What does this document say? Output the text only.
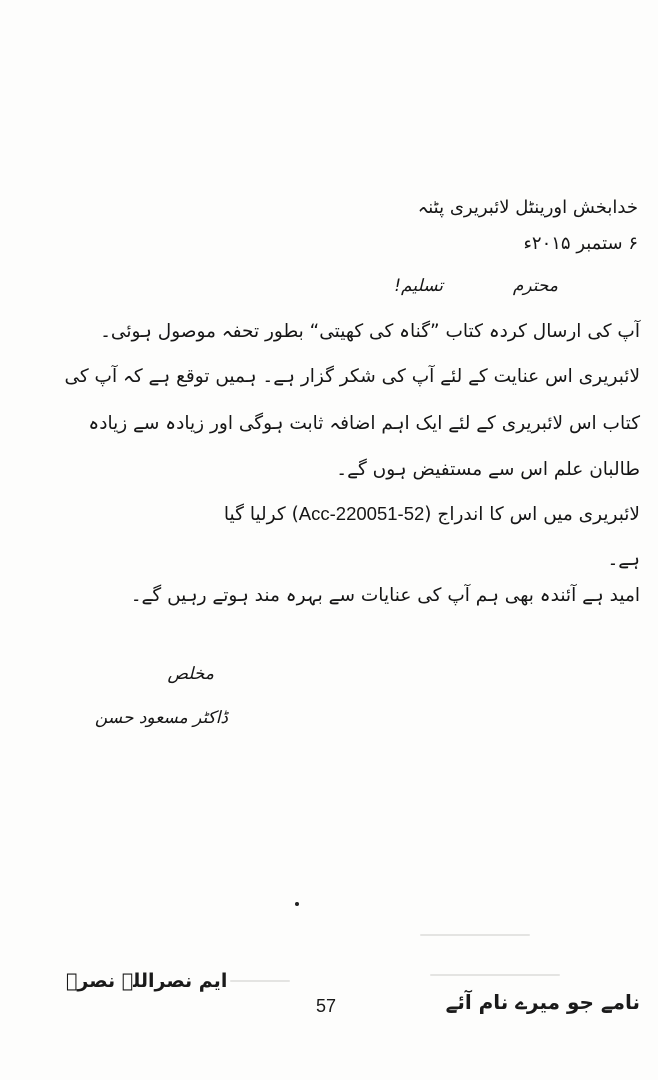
خدابخش اورینٹل لائبریری پٹنہ
۶ ستمبر ۲۰۱۵ء
محترم
تسلیم!
آپ کی ارسال کردہ کتاب ”گناہ کی کھیتی“ بطور تحفہ موصول ہوئی۔
لائبریری اس عنایت کے لئے آپ کی شکر گزار ہے۔ ہمیں توقع ہے کہ آپ کی
کتاب اس لائبریری کے لئے ایک اہم اضافہ ثابت ہوگی اور زیادہ سے زیادہ
طالبان علم اس سے مستفیض ہوں گے۔
لائبریری میں اس کا اندراج (Acc-220051-52) کرلیا گیا
ہے۔
امید ہے آئندہ بھی ہم آپ کی عنایات سے بہرہ مند ہوتے رہیں گے۔
مخلص
ڈاکٹر مسعود حسن
نامے جو میرے نام آئے
57
ایم نصراللہ نصرؔ
